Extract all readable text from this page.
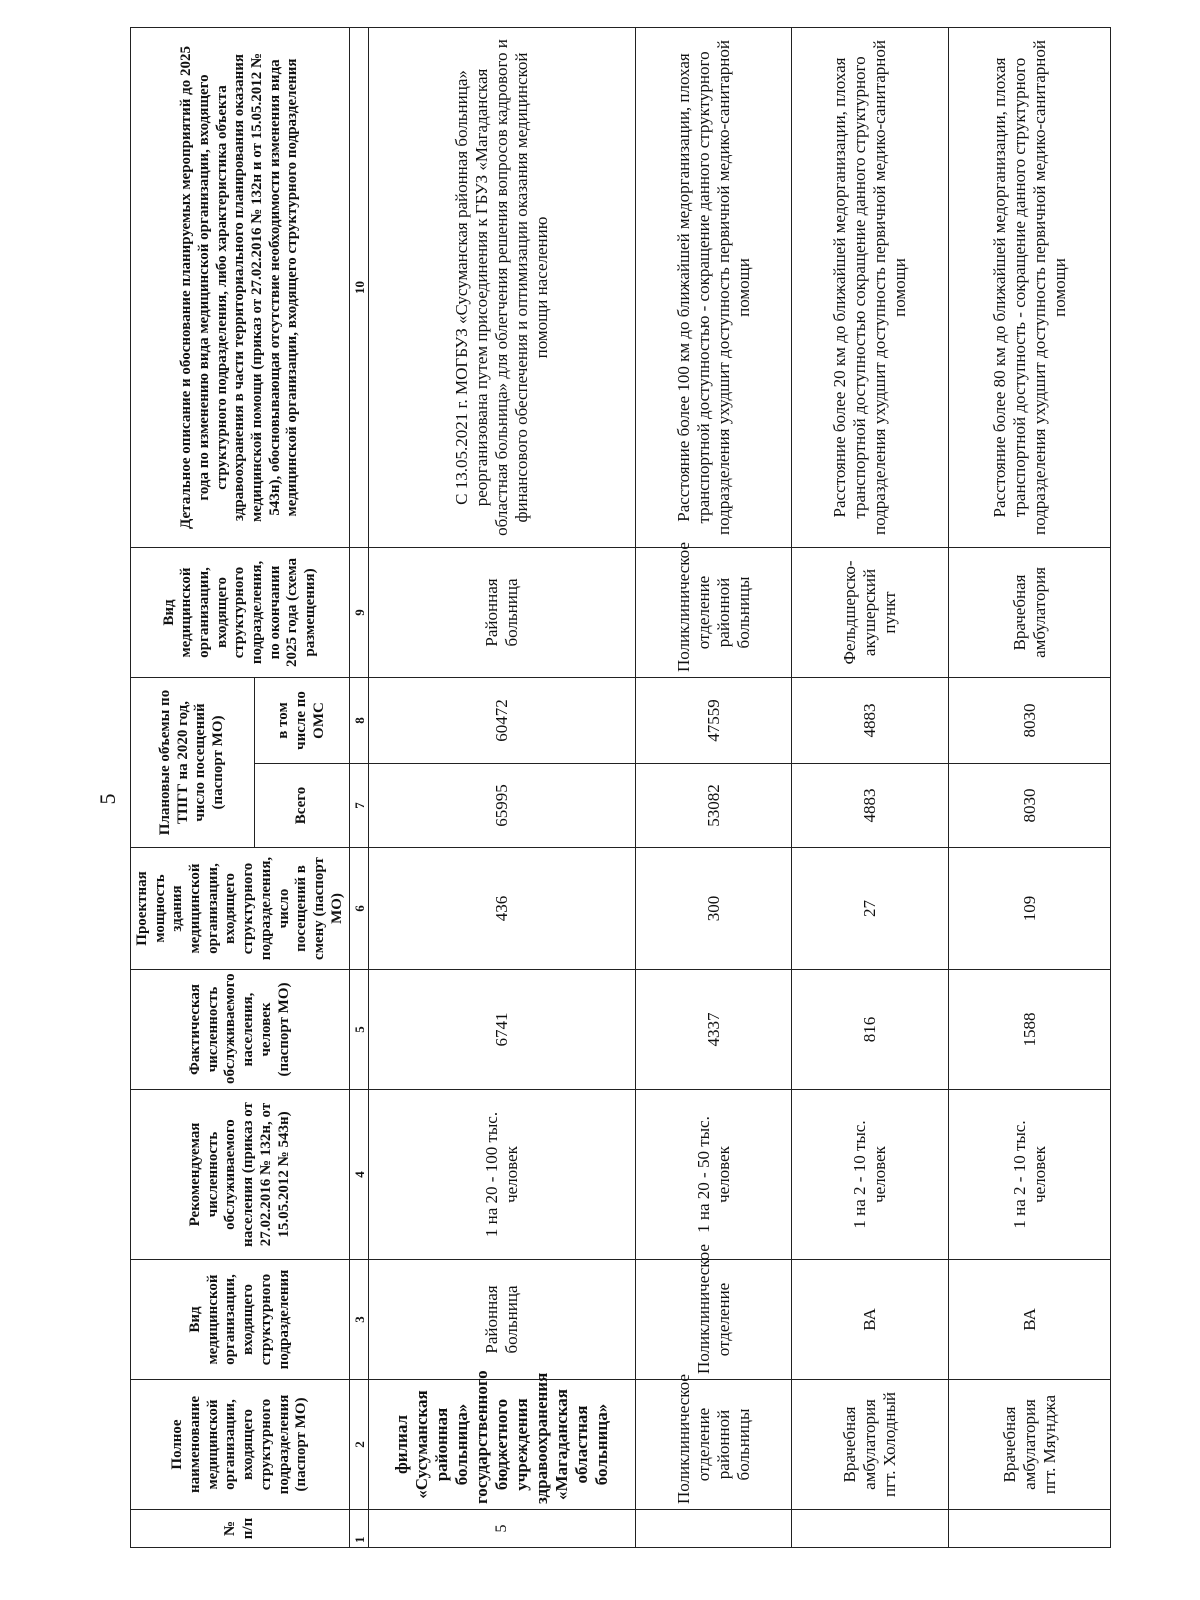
5
№ п/п	Полное наименование медицинской организации, входящего структурного подразделения (паспорт МО)	Вид медицинской организации, входящего структурного подразделения	Рекомендуемая численность обслуживаемого населения (приказ от 27.02.2016 № 132н, от 15.05.2012 № 543н)	Фактическая численность обслуживаемого населения, человек (паспорт МО)	Проектная мощность здания медицинской организации, входящего структурного подразделения, число посещений в смену (паспорт МО)	Плановые объемы по ТПГГ на 2020 год, число посещений (паспорт МО)		Вид медицинской организации, входящего структурного подразделения, по окончании 2025 года (схема размещения)	Детальное описание и обоснование планируемых мероприятий до 2025 года по изменению вида медицинской организации, входящего структурного подразделения, либо характеристика объекта здравоохранения в части территориального планирования оказания медицинской помощи (приказ от 27.02.2016 № 132н и от 15.05.2012 № 543н), обосновывающая отсутствие необходимости изменения вида медицинской организации, входящего структурного подразделения
						Всего	в том числе по ОМС		
1	2	3	4	5	6	7	8	9	10
5	филиал «Сусуманская районная больница» государственного бюджетного учреждения здравоохранения «Магаданская областная больница»	Районная больница	1 на 20 - 100 тыс. человек	6741	436	65995	60472	Районная больница	С 13.05.2021 г. МОГБУЗ «Сусуманская районная больница» реорганизована путем присоединения к ГБУЗ «Магаданская областная больница» для облегчения решения вопросов кадрового и финансового обеспечения и оптимизации оказания медицинской помощи населению
	Поликлиническое отделение районной больницы	Поликлиническое отделение	1 на 20 - 50 тыс. человек	4337	300	53082	47559	Поликлиническое отделение районной больницы	Расстояние более 100 км до ближайшей медорганизации, плохая транспортной доступностью - сокращение данного структурного подразделения ухудшит доступность первичной медико-санитарной помощи
	Врачебная амбулатория пгт. Холодный	ВА	1 на 2 - 10 тыс. человек	816	27	4883	4883	Фельдшерско-акушерский пункт	Расстояние более 20 км до ближайшей медорганизации, плохая транспортной доступностью сокращение данного структурного подразделения ухудшит доступность первичной медико-санитарной помощи
	Врачебная амбулатория пгт. Мяунджа	ВА	1 на 2 - 10 тыс. человек	1588	109	8030	8030	Врачебная амбулатория	Расстояние более 80 км до ближайшей медорганизации, плохая транспортной доступность - сокращение данного структурного подразделения ухудшит доступность первичной медико-санитарной помощи
